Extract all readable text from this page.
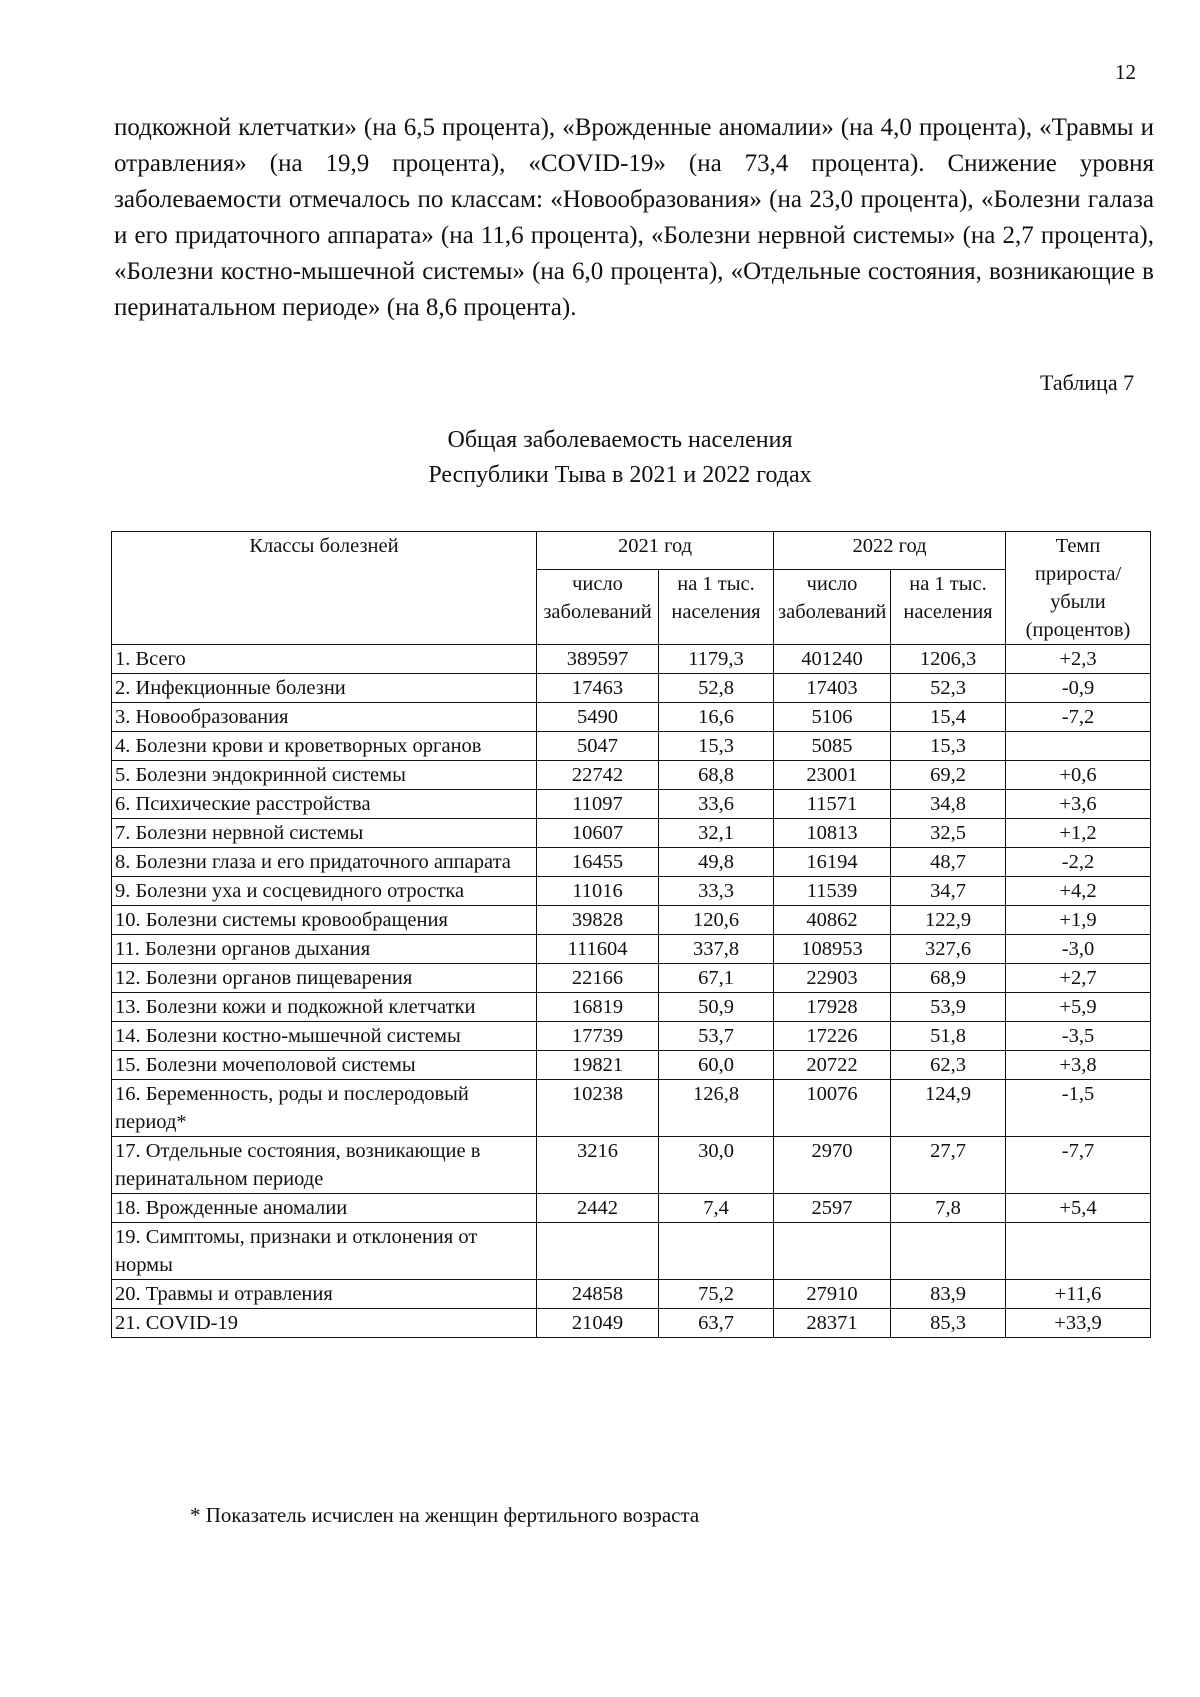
12

подкожной клетчатки» (на 6,5 процента), «Врожденные аномалии» (на 4,0 процента), «Травмы и отравления» (на 19,9 процента), «COVID-19» (на 73,4 процента). Снижение уровня заболеваемости отмечалось по классам: «Новообразования» (на 23,0 процента), «Болезни галаза и его придаточного аппарата» (на 11,6 процента), «Болезни нервной системы» (на 2,7 процента), «Болезни костно-мышечной системы» (на 6,0 процента), «Отдельные состояния, возникающие в перинатальном периоде» (на 8,6 процента).

Таблица 7
Общая заболеваемость населения
Республики Тыва в 2021 и 2022 годах
Классы болезней	2021 год		2022 год		Темп прироста/ убыли (процентов)
	число заболеваний	на 1 тыс. населения	число заболеваний	на 1 тыс. населения	
1. Всего	389597	1179,3	401240	1206,3	+2,3
2. Инфекционные болезни	17463	52,8	17403	52,3	-0,9
3. Новообразования	5490	16,6	5106	15,4	-7,2
4. Болезни крови и кроветворных органов	5047	15,3	5085	15,3	
5. Болезни эндокринной системы	22742	68,8	23001	69,2	+0,6
6. Психические расстройства	11097	33,6	11571	34,8	+3,6
7. Болезни нервной системы	10607	32,1	10813	32,5	+1,2
8. Болезни глаза и его придаточного аппарата	16455	49,8	16194	48,7	-2,2
9. Болезни уха и сосцевидного отростка	11016	33,3	11539	34,7	+4,2
10. Болезни системы кровообращения	39828	120,6	40862	122,9	+1,9
11. Болезни органов дыхания	111604	337,8	108953	327,6	-3,0
12. Болезни органов пищеварения	22166	67,1	22903	68,9	+2,7
13. Болезни кожи и подкожной клетчатки	16819	50,9	17928	53,9	+5,9
14. Болезни костно-мышечной системы	17739	53,7	17226	51,8	-3,5
15. Болезни мочеполовой системы	19821	60,0	20722	62,3	+3,8
16. Беременность, роды и послеродовый период*	10238	126,8	10076	124,9	-1,5
17. Отдельные состояния, возникающие в перинатальном периоде	3216	30,0	2970	27,7	-7,7
18. Врожденные аномалии	2442	7,4	2597	7,8	+5,4
19. Симптомы, признаки и отклонения от нормы					
20. Травмы и отравления	24858	75,2	27910	83,9	+11,6
21. COVID-19	21049	63,7	28371	85,3	+33,9
* Показатель исчислен на женщин фертильного возраста
